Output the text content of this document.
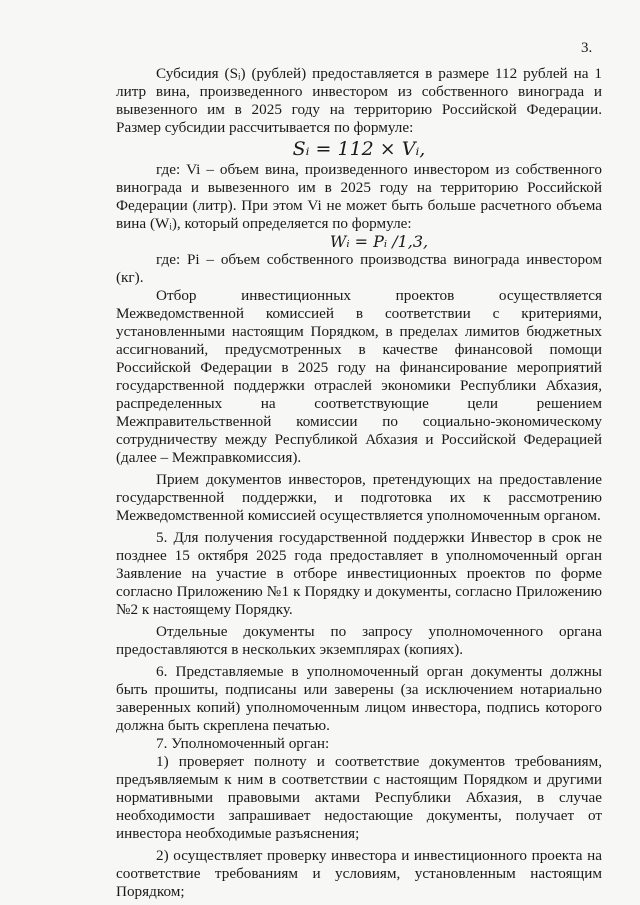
3.

Субсидия (Sᵢ) (рублей) предоставляется в размере 112 рублей на 1 литр вина, произведенного инвестором из собственного винограда и вывезенного им в 2025 году на территорию Российской Федерации. Размер субсидии рассчитывается по формуле:

Sᵢ = 112 × Vᵢ,

где: Vi – объем вина, произведенного инвестором из собственного винограда и вывезенного им в 2025 году на территорию Российской Федерации (литр). При этом Vi не может быть больше расчетного объема вина (Wᵢ), который определяется по формуле:

Wᵢ = Pᵢ /1,3,

где: Pi – объем собственного производства винограда инвестором (кг).

Отбор инвестиционных проектов осуществляется Межведомственной комиссией в соответствии с критериями, установленными настоящим Порядком, в пределах лимитов бюджетных ассигнований, предусмотренных в качестве финансовой помощи Российской Федерации в 2025 году на финансирование мероприятий государственной поддержки отраслей экономики Республики Абхазия, распределенных на соответствующие цели решением Межправительственной комиссии по социально-экономическому сотрудничеству между Республикой Абхазия и Российской Федерацией (далее – Межправкомиссия).

Прием документов инвесторов, претендующих на предоставление государственной поддержки, и подготовка их к рассмотрению Межведомственной комиссией осуществляется уполномоченным органом.

5. Для получения государственной поддержки Инвестор в срок не позднее 15 октября 2025 года предоставляет в уполномоченный орган Заявление на участие в отборе инвестиционных проектов по форме согласно Приложению №1 к Порядку и документы, согласно Приложению №2 к настоящему Порядку.

Отдельные документы по запросу уполномоченного органа предоставляются в нескольких экземплярах (копиях).

6. Представляемые в уполномоченный орган документы должны быть прошиты, подписаны или заверены (за исключением нотариально заверенных копий) уполномоченным лицом инвестора, подпись которого должна быть скреплена печатью.

7. Уполномоченный орган:

1) проверяет полноту и соответствие документов требованиям, предъявляемым к ним в соответствии с настоящим Порядком и другими нормативными правовыми актами Республики Абхазия, в случае необходимости запрашивает недостающие документы, получает от инвестора необходимые разъяснения;

2) осуществляет проверку инвестора и инвестиционного проекта на соответствие требованиям и условиям, установленным настоящим Порядком;
